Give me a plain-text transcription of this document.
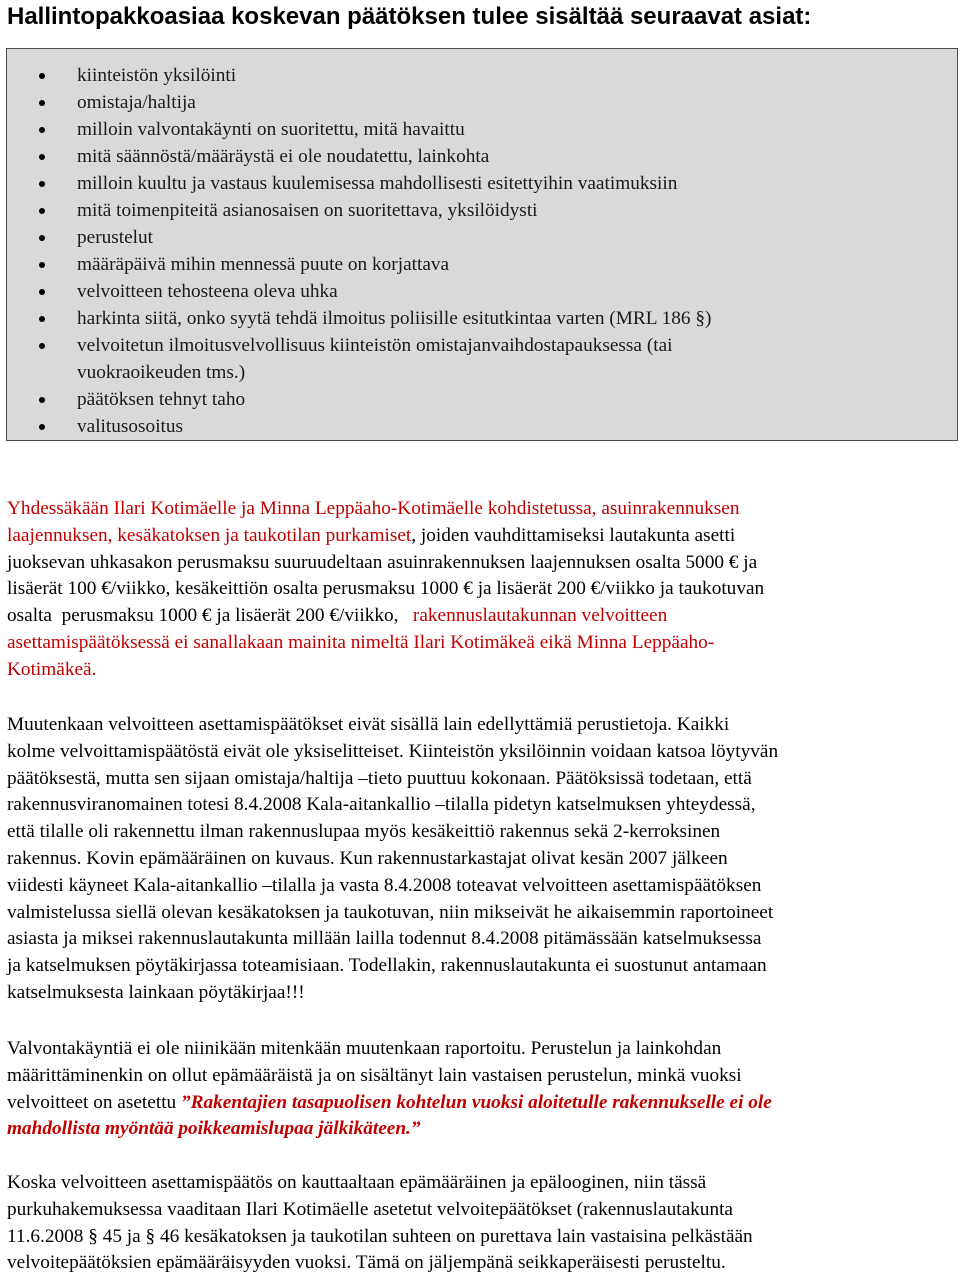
Hallintopakkoasiaa koskevan päätöksen tulee sisältää seuraavat asiat:
kiinteistön yksilöinti
omistaja/haltija
milloin valvontakäynti on suoritettu, mitä havaittu
mitä säännöstä/määräystä ei ole noudatettu, lainkohta
milloin kuultu ja vastaus kuulemisessa mahdollisesti esitettyihin vaatimuksiin
mitä toimenpiteitä asianosaisen on suoritettava, yksilöidysti
perustelut
määräpäivä mihin mennessä puute on korjattava
velvoitteen tehosteena oleva uhka
harkinta siitä, onko syytä tehdä ilmoitus poliisille esitutkintaa varten (MRL 186 §)
velvoitetun ilmoitusvelvollisuus kiinteistön omistajanvaihdostapauksessa (tai
vuokraoikeuden tms.)
päätöksen tehnyt taho
valitusosoitus

Yhdessäkään Ilari Kotimäelle ja Minna Leppäaho-Kotimäelle kohdistetussa, asuinrakennuksen
laajennuksen, kesäkatoksen ja taukotilan purkamiset, joiden vauhdittamiseksi lautakunta asetti
juoksevan uhkasakon perusmaksu suuruudeltaan asuinrakennuksen laajennuksen osalta 5000 € ja
lisäerät 100 €/viikko, kesäkeittiön osalta perusmaksu 1000 € ja lisäerät 200 €/viikko ja taukotuvan
osalta  perusmaksu 1000 € ja lisäerät 200 €/viikko,   rakennuslautakunnan velvoitteen
asettamispäätöksessä ei sanallakaan mainita nimeltä Ilari Kotimäkeä eikä Minna Leppäaho-
Kotimäkeä.

Muutenkaan velvoitteen asettamispäätökset eivät sisällä lain edellyttämiä perustietoja. Kaikki
kolme velvoittamispäätöstä eivät ole yksiselitteiset. Kiinteistön yksilöinnin voidaan katsoa löytyvän
päätöksestä, mutta sen sijaan omistaja/haltija –tieto puuttuu kokonaan. Päätöksissä todetaan, että
rakennusviranomainen totesi 8.4.2008 Kala-aitankallio –tilalla pidetyn katselmuksen yhteydessä,
että tilalle oli rakennettu ilman rakennuslupaa myös kesäkeittiö rakennus sekä 2-kerroksinen
rakennus. Kovin epämääräinen on kuvaus. Kun rakennustarkastajat olivat kesän 2007 jälkeen
viidesti käyneet Kala-aitankallio –tilalla ja vasta 8.4.2008 toteavat velvoitteen asettamispäätöksen
valmistelussa siellä olevan kesäkatoksen ja taukotuvan, niin mikseivät he aikaisemmin raportoineet
asiasta ja miksei rakennuslautakunta millään lailla todennut 8.4.2008 pitämässään katselmuksessa
ja katselmuksen pöytäkirjassa toteamisiaan. Todellakin, rakennuslautakunta ei suostunut antamaan
katselmuksesta lainkaan pöytäkirjaa!!!

Valvontakäyntiä ei ole niinikään mitenkään muutenkaan raportoitu. Perustelun ja lainkohdan
määrittäminenkin on ollut epämääräistä ja on sisältänyt lain vastaisen perustelun, minkä vuoksi
velvoitteet on asetettu ”Rakentajien tasapuolisen kohtelun vuoksi aloitetulle rakennukselle ei ole
mahdollista myöntää poikkeamislupaa jälkikäteen.”

Koska velvoitteen asettamispäätös on kauttaaltaan epämääräinen ja epälooginen, niin tässä
purkuhakemuksessa vaaditaan Ilari Kotimäelle asetetut velvoitepäätökset (rakennuslautakunta
11.6.2008 § 45 ja § 46 kesäkatoksen ja taukotilan suhteen on purettava lain vastaisina pelkästään
velvoitepäätöksien epämääräisyyden vuoksi. Tämä on jäljempänä seikkaperäisesti perusteltu.
